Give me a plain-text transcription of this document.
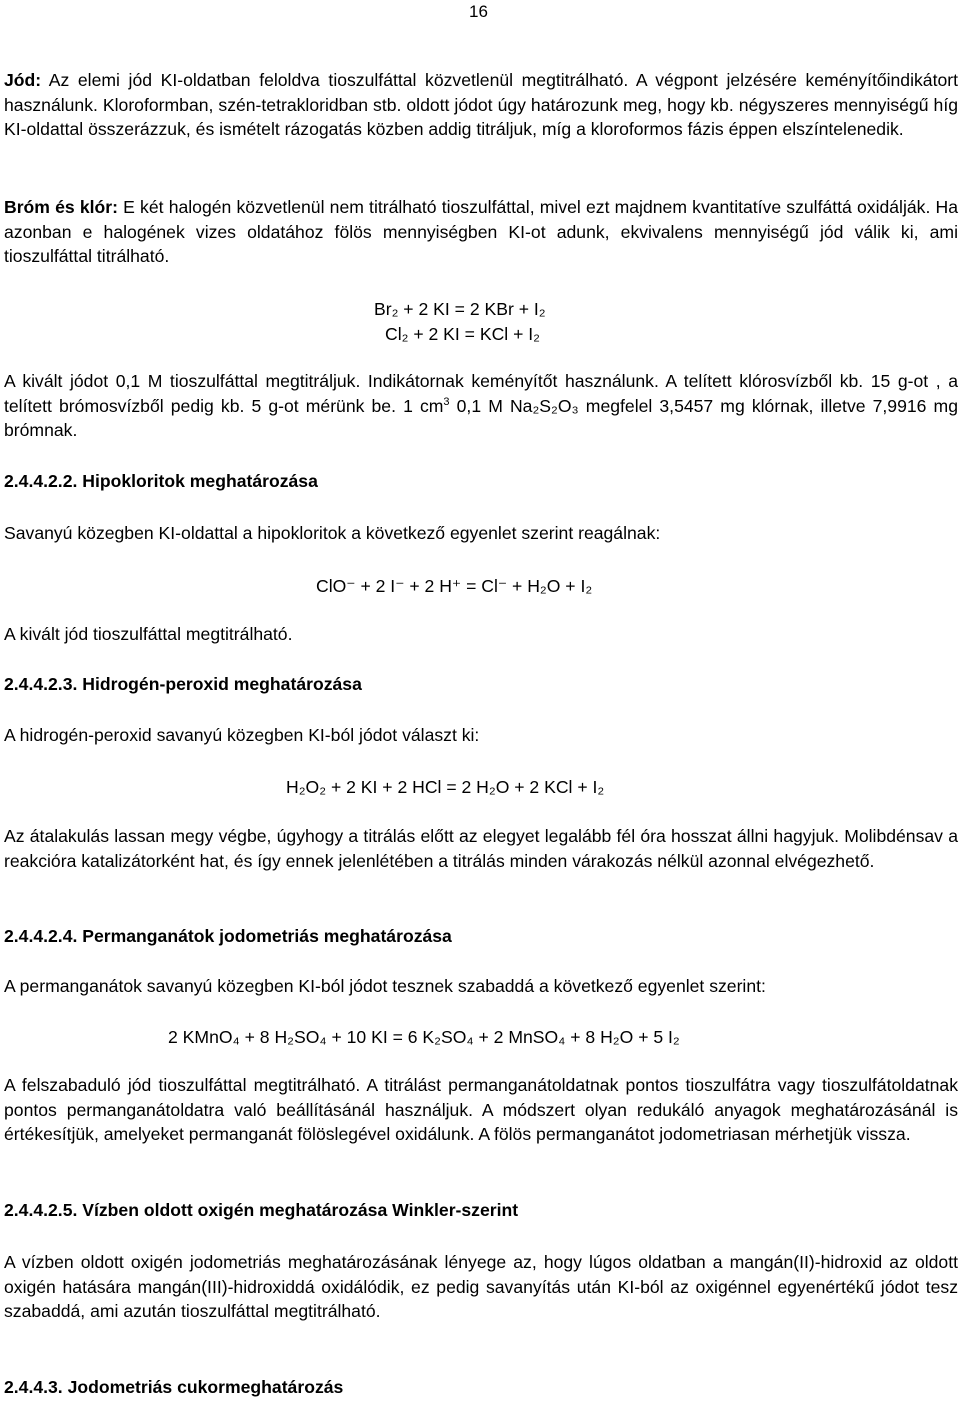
16

Jód: Az elemi jód KI-oldatban feloldva tioszulfáttal közvetlenül megtitrálható. A végpont jelzésére keményítőindikátort használunk. Kloroformban, szén-tetrakloridban stb. oldott jódot úgy határozunk meg, hogy kb. négyszeres mennyiségű híg KI-oldattal összerázzuk, és ismételt rázogatás közben addig titráljuk, míg a kloroformos fázis éppen elszíntelenedik.

Bróm és klór: E két halogén közvetlenül nem titrálható tioszulfáttal, mivel ezt majdnem kvantitatíve szulfáttá oxidálják. Ha azonban e halogének vizes oldatához fölös mennyiségben KI-ot adunk, ekvivalens mennyiségű jód válik ki, ami tioszulfáttal titrálható.

Br₂ + 2 KI = 2 KBr + I₂
Cl₂ + 2 KI = KCl + I₂

A kivált jódot 0,1 M tioszulfáttal megtitráljuk. Indikátornak keményítőt használunk. A telített klórosvízből kb. 15 g-ot , a telített brómosvízből pedig kb. 5 g-ot mérünk be. 1 $cm^3$ 0,1 M Na₂S₂O₃ megfelel 3,5457 mg klórnak, illetve 7,9916 mg brómnak.

2.4.4.2.2. Hipokloritok meghatározása

Savanyú közegben KI-oldattal a hipokloritok a következő egyenlet szerint reagálnak:

ClO⁻ + 2 I⁻ + 2 H⁺ = Cl⁻ + H₂O + I₂

A kivált jód tioszulfáttal megtitrálható.

2.4.4.2.3. Hidrogén-peroxid meghatározása

A hidrogén-peroxid savanyú közegben KI-ból jódot választ ki:

H₂O₂ + 2 KI + 2 HCl = 2 H₂O + 2 KCl + I₂

Az átalakulás lassan megy végbe, úgyhogy a titrálás előtt az elegyet legalább fél óra hosszat állni hagyjuk. Molibdénsav a reakcióra katalizátorként hat, és így ennek jelenlétében a titrálás minden várakozás nélkül azonnal elvégezhető.

2.4.4.2.4. Permanganátok jodometriás meghatározása

A permanganátok savanyú közegben KI-ból jódot tesznek szabaddá a következő egyenlet szerint:

2 KMnO₄ + 8 H₂SO₄ + 10 KI = 6 K₂SO₄ + 2 MnSO₄ + 8 H₂O + 5 I₂

A felszabaduló jód tioszulfáttal megtitrálható. A titrálást permanganátoldatnak pontos tioszulfátra vagy tioszulfátoldatnak pontos permanganátoldatra való beállításánál használjuk. A módszert olyan redukáló anyagok meghatározásánál is értékesítjük, amelyeket permanganát fölöslegével oxidálunk. A fölös permanganátot jodometriasan mérhetjük vissza.

2.4.4.2.5. Vízben oldott oxigén meghatározása Winkler-szerint

A vízben oldott oxigén jodometriás meghatározásának lényege az, hogy lúgos oldatban a mangán(II)-hidroxid az oldott oxigén hatására mangán(III)-hidroxiddá oxidálódik, ez pedig savanyítás után KI-ból az oxigénnel egyenértékű jódot tesz szabaddá, ami azután tioszulfáttal megtitrálható.

2.4.4.3. Jodometriás cukormeghatározás
